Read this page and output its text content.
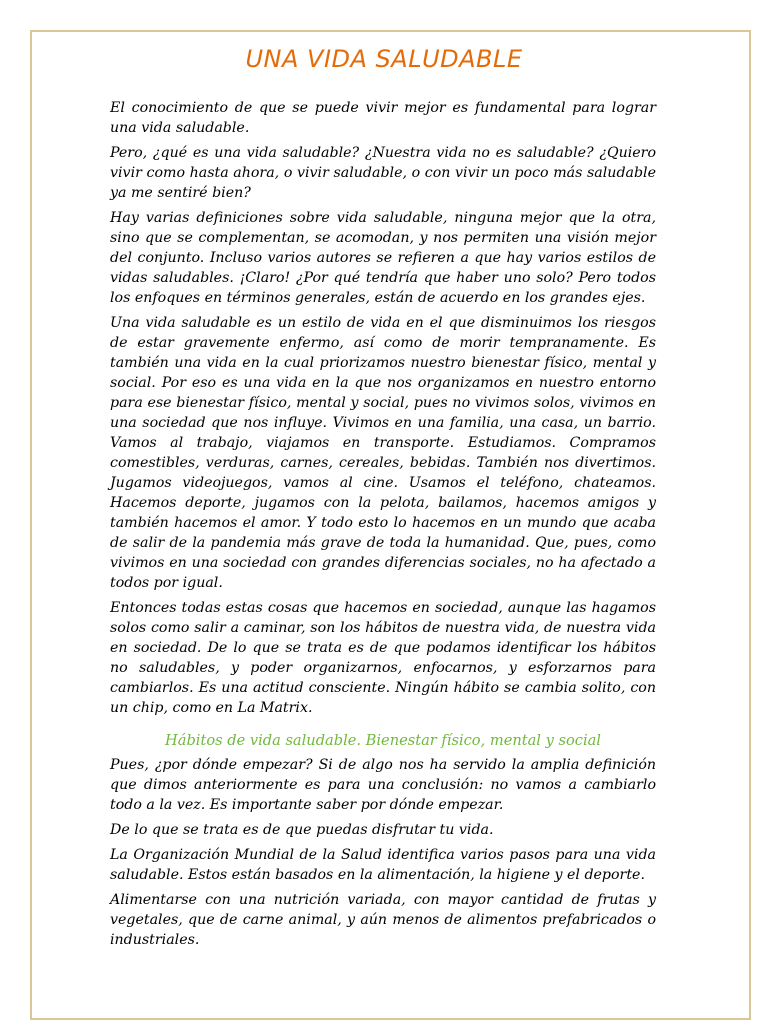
UNA VIDA SALUDABLE

El conocimiento de que se puede vivir mejor es fundamental para lograr una vida saludable.

Pero, ¿qué es una vida saludable? ¿Nuestra vida no es saludable? ¿Quiero vivir como hasta ahora, o vivir saludable, o con vivir un poco más saludable ya me sentiré bien?

Hay varias definiciones sobre vida saludable, ninguna mejor que la otra, sino que se complementan, se acomodan, y nos permiten una visión mejor del conjunto. Incluso varios autores se refieren a que hay varios estilos de vidas saludables. ¡Claro! ¿Por qué tendría que haber uno solo? Pero todos los enfoques en términos generales, están de acuerdo en los grandes ejes.

Una vida saludable es un estilo de vida en el que disminuimos los riesgos de estar gravemente enfermo, así como de morir tempranamente. Es también una vida en la cual priorizamos nuestro bienestar físico, mental y social. Por eso es una vida en la que nos organizamos en nuestro entorno para ese bienestar físico, mental y social, pues no vivimos solos, vivimos en una sociedad que nos influye. Vivimos en una familia, una casa, un barrio. Vamos al trabajo, viajamos en transporte. Estudiamos. Compramos comestibles, verduras, carnes, cereales, bebidas. También nos divertimos. Jugamos videojuegos, vamos al cine. Usamos el teléfono, chateamos. Hacemos deporte, jugamos con la pelota, bailamos, hacemos amigos y también hacemos el amor. Y todo esto lo hacemos en un mundo que acaba de salir de la pandemia más grave de toda la humanidad. Que, pues, como vivimos en una sociedad con grandes diferencias sociales, no ha afectado a todos por igual.

Entonces todas estas cosas que hacemos en sociedad, aunque las hagamos solos como salir a caminar, son los hábitos de nuestra vida, de nuestra vida en sociedad. De lo que se trata es de que podamos identificar los hábitos no saludables, y poder organizarnos, enfocarnos, y esforzarnos para cambiarlos. Es una actitud consciente. Ningún hábito se cambia solito, con un chip, como en La Matrix.

Hábitos de vida saludable. Bienestar físico, mental y social

Pues, ¿por dónde empezar? Si de algo nos ha servido la amplia definición que dimos anteriormente es para una conclusión: no vamos a cambiarlo todo a la vez. Es importante saber por dónde empezar.

De lo que se trata es de que puedas disfrutar tu vida.

La Organización Mundial de la Salud identifica varios pasos para una vida saludable. Estos están basados en la alimentación, la higiene y el deporte.

Alimentarse con una nutrición variada, con mayor cantidad de frutas y vegetales, que de carne animal, y aún menos de alimentos prefabricados o industriales.
